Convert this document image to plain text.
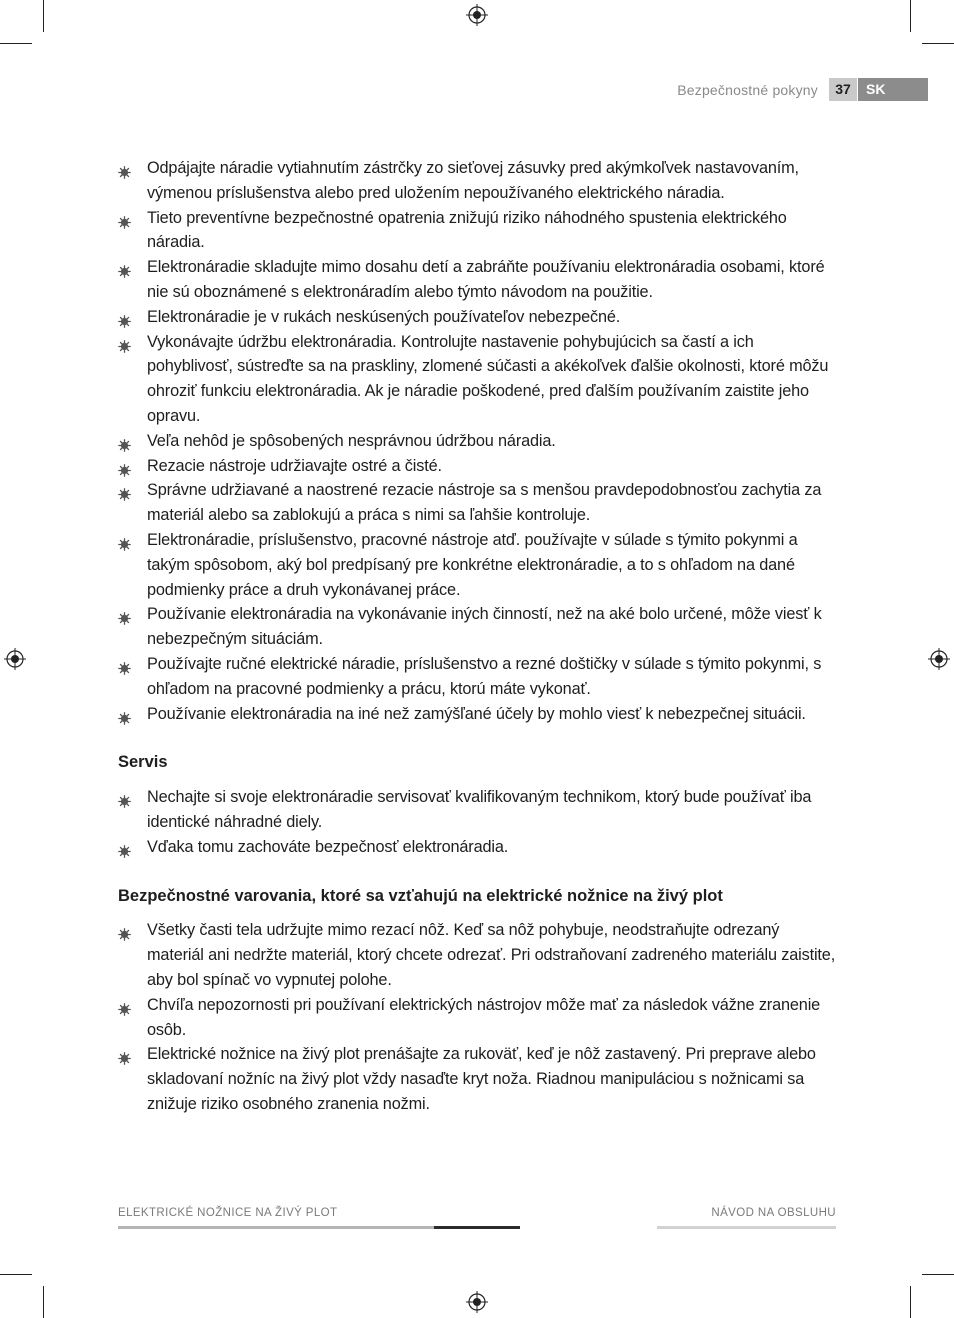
Bezpečnostné pokyny	37	SK
Odpájajte náradie vytiahnutím zástrčky zo sieťovej zásuvky pred akýmkoľvek nastavovaním, výmenou príslušenstva alebo pred uložením nepoužívaného elektrického náradia.
Tieto preventívne bezpečnostné opatrenia znižujú riziko náhodného spustenia elektrického náradia.
Elektronáradie skladujte mimo dosahu detí a zabráňte používaniu elektronáradia osobami, ktoré nie sú oboznámené s elektronáradím alebo týmto návodom na použitie.
Elektronáradie je v rukách neskúsených používateľov nebezpečné.
Vykonávajte údržbu elektronáradia. Kontrolujte nastavenie pohybujúcich sa častí a ich pohyblivosť, sústreďte sa na praskliny, zlomené súčasti a akékoľvek ďalšie okolnosti, ktoré môžu ohroziť funkciu elektronáradia. Ak je náradie poškodené, pred ďalším používaním zaistite jeho opravu.
Veľa nehôd je spôsobených nesprávnou údržbou náradia.
Rezacie nástroje udržiavajte ostré a čisté.
Správne udržiavané a naostrené rezacie nástroje sa s menšou pravdepodobnosťou zachytia za materiál alebo sa zablokujú a práca s nimi sa ľahšie kontroluje.
Elektronáradie, príslušenstvo, pracovné nástroje atď. používajte v súlade s týmito pokynmi a takým spôsobom, aký bol predpísaný pre konkrétne elektronáradie, a to s ohľadom na dané podmienky práce a druh vykonávanej práce.
Používanie elektronáradia na vykonávanie iných činností, než na aké bolo určené, môže viesť k nebezpečným situáciám.
Používajte ručné elektrické náradie, príslušenstvo a rezné doštičky v súlade s týmito pokynmi, s ohľadom na pracovné podmienky a prácu, ktorú máte vykonať.
Používanie elektronáradia na iné než zamýšľané účely by mohlo viesť k nebezpečnej situácii.
Servis
Nechajte si svoje elektronáradie servisovať kvalifikovaným technikom, ktorý bude používať iba identické náhradné diely.
Vďaka tomu zachováte bezpečnosť elektronáradia.
Bezpečnostné varovania, ktoré sa vzťahujú na elektrické nožnice na živý plot
Všetky časti tela udržujte mimo rezací nôž. Keď sa nôž pohybuje, neodstraňujte odrezaný materiál ani nedržte materiál, ktorý chcete odrezať. Pri odstraňovaní zadreného materiálu zaistite, aby bol spínač vo vypnutej polohe.
Chvíľa nepozornosti pri používaní elektrických nástrojov môže mať za následok vážne zranenie osôb.
Elektrické nožnice na živý plot prenášajte za rukoväť, keď je nôž zastavený. Pri preprave alebo skladovaní nožníc na živý plot vždy nasaďte kryt noža. Riadnou manipuláciou s nožnicami sa znižuje riziko osobného zranenia nožmi.
ELEKTRICKÉ NOŽNICE NA ŽIVÝ PLOT	NÁVOD NA OBSLUHU
